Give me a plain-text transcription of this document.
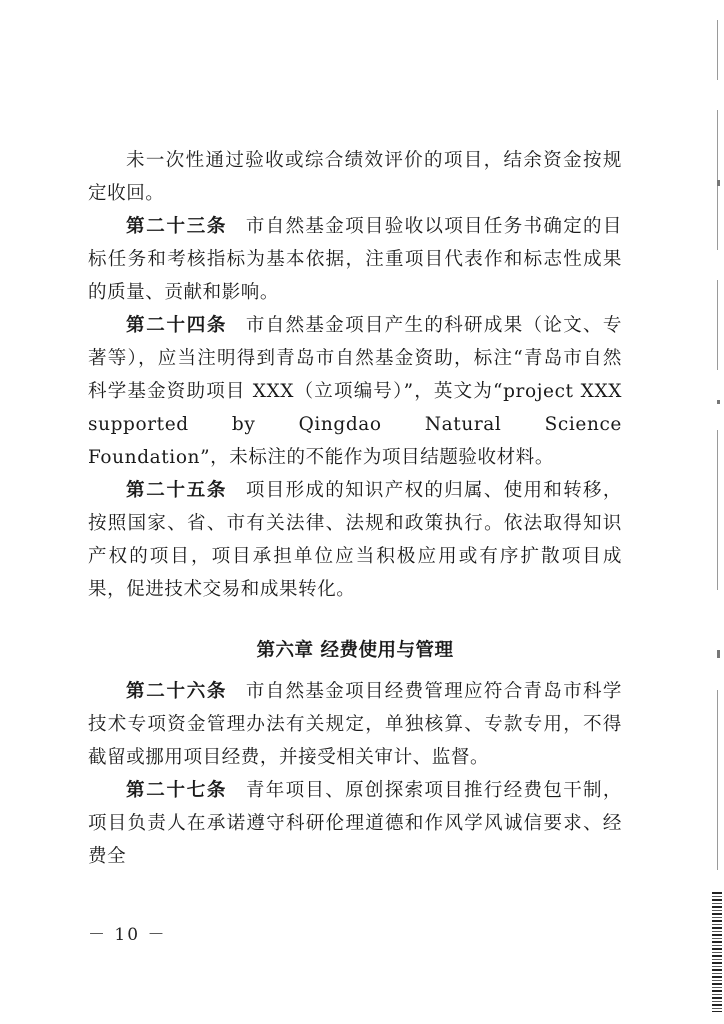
未一次性通过验收或综合绩效评价的项目，结余资金按规定收回。

第二十三条 市自然基金项目验收以项目任务书确定的目标任务和考核指标为基本依据，注重项目代表作和标志性成果的质量、贡献和影响。

第二十四条 市自然基金项目产生的科研成果（论文、专著等），应当注明得到青岛市自然基金资助，标注“青岛市自然科学基金资助项目 XXX（立项编号）”，英文为“project XXX supported by Qingdao Natural Science Foundation”，未标注的不能作为项目结题验收材料。

第二十五条 项目形成的知识产权的归属、使用和转移，按照国家、省、市有关法律、法规和政策执行。依法取得知识产权的项目，项目承担单位应当积极应用或有序扩散项目成果，促进技术交易和成果转化。

第六章 经费使用与管理

第二十六条 市自然基金项目经费管理应符合青岛市科学技术专项资金管理办法有关规定，单独核算、专款专用，不得截留或挪用项目经费，并接受相关审计、监督。

第二十七条 青年项目、原创探索项目推行经费包干制，项目负责人在承诺遵守科研伦理道德和作风学风诚信要求、经费全

－ 10 －
